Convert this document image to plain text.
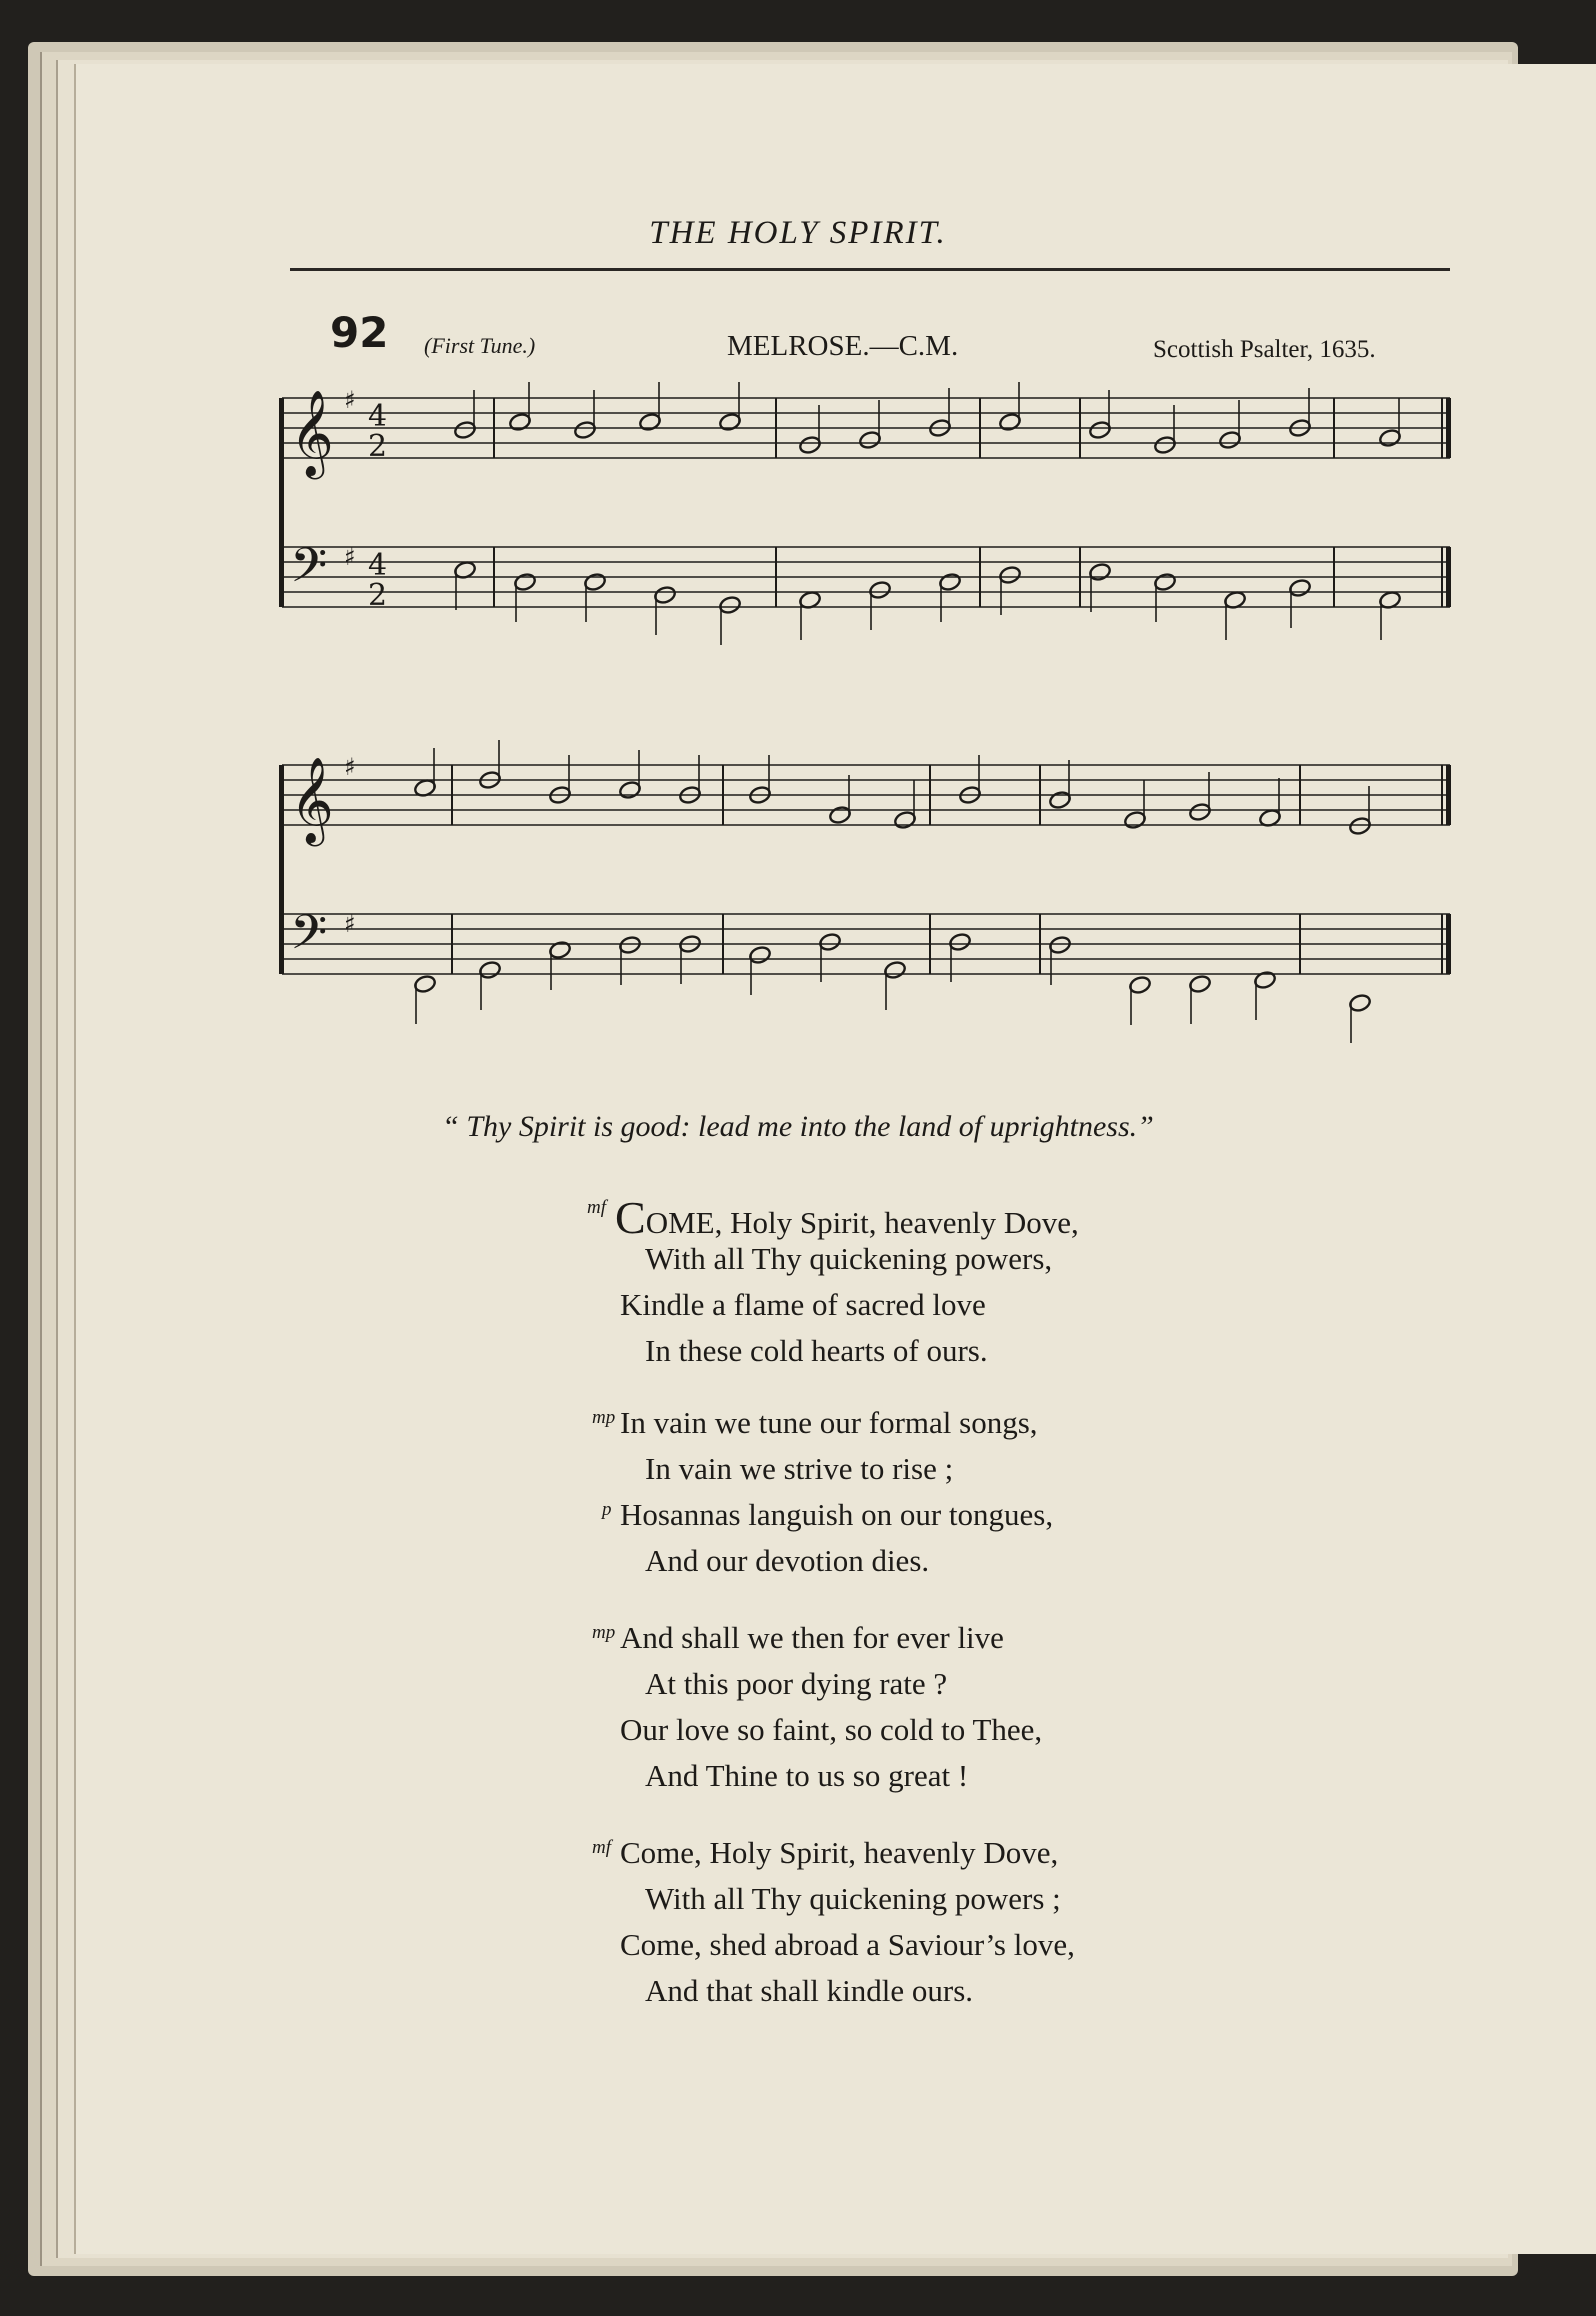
THE HOLY SPIRIT.
92 (First Tune.)	MELROSE.—C.M.	Scottish Psalter, 1635.
𝄞
𝄞
𝄢
𝄢
♯
♯
♯
♯
4
2
4
2
“ Thy Spirit is good: lead me into the land of uprightness.”
mf COME, Holy Spirit, heavenly Dove,
With all Thy quickening powers,
Kindle a flame of sacred love
In these cold hearts of ours.
mp In vain we tune our formal songs,
In vain we strive to rise ;
p Hosannas languish on our tongues,
And our devotion dies.
mp And shall we then for ever live
At this poor dying rate ?
Our love so faint, so cold to Thee,
And Thine to us so great !
mf Come, Holy Spirit, heavenly Dove,
With all Thy quickening powers ;
Come, shed abroad a Saviour’s love,
And that shall kindle ours.
